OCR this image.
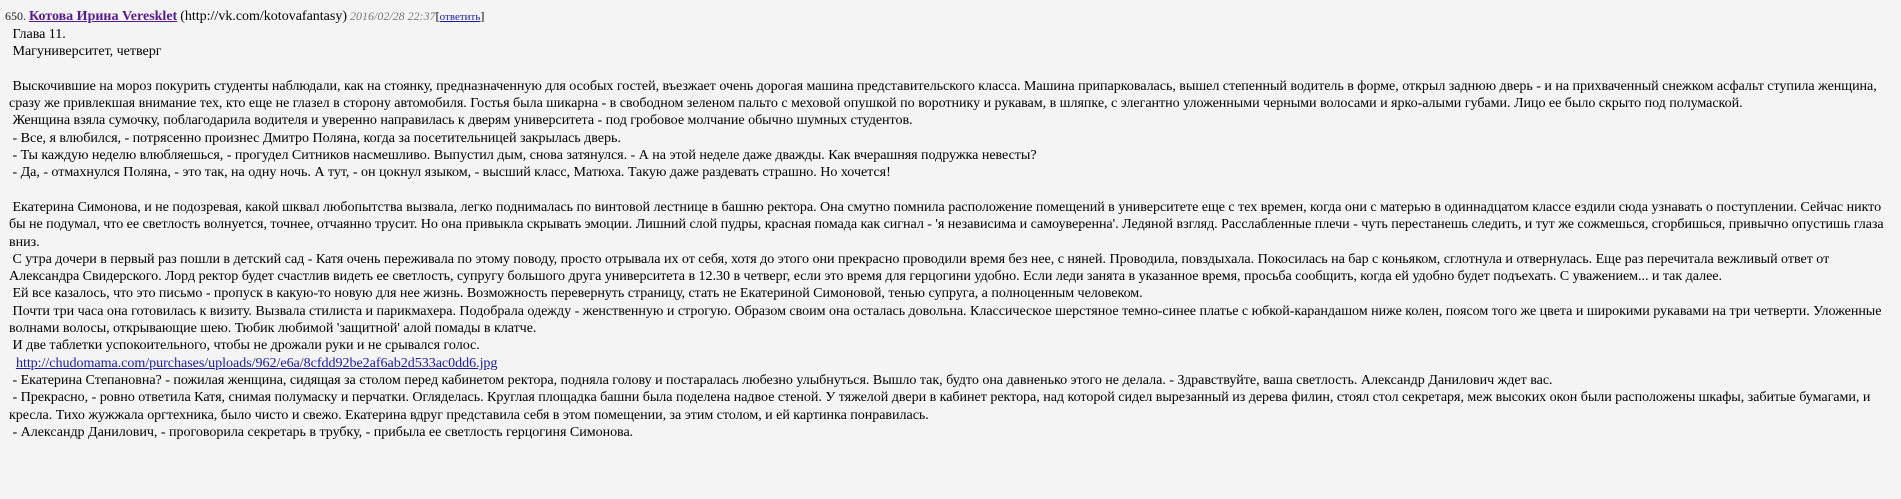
650. Котова Ирина Veresklet (http://vk.com/kotovafantasy) 2016/02/28 22:37[ответить]
Глава 11.
Магуниверситет, четверг
Выскочившие на мороз покурить студенты наблюдали, как на стоянку, предназначенную для особых гостей, въезжает очень дорогая машина представительского класса. Машина припарковалась, вышел степенный водитель в форме, открыл заднюю дверь - и на прихваченный снежком асфальт ступила женщина, сразу же привлекшая внимание тех, кто еще не глазел в сторону автомобиля. Гостья была шикарна - в свободном зеленом пальто с меховой опушкой по воротнику и рукавам, в шляпке, с элегантно уложенными черными волосами и ярко-алыми губами. Лицо ее было скрыто под полумаской.
Женщина взяла сумочку, поблагодарила водителя и уверенно направилась к дверям университета - под гробовое молчание обычно шумных студентов.
- Все, я влюбился, - потрясенно произнес Дмитро Поляна, когда за посетительницей закрылась дверь.
- Ты каждую неделю влюбляешься, - прогудел Ситников насмешливо. Выпустил дым, снова затянулся. - А на этой неделе даже дважды. Как вчерашняя подружка невесты?
- Да, - отмахнулся Поляна, - это так, на одну ночь. А тут, - он цокнул языком, - высший класс, Матюха. Такую даже раздевать страшно. Но хочется!
Екатерина Симонова, и не подозревая, какой шквал любопытства вызвала, легко поднималась по винтовой лестнице в башню ректора. Она смутно помнила расположение помещений в университете еще с тех времен, когда они с матерью в одиннадцатом классе ездили сюда узнавать о поступлении. Сейчас никто бы не подумал, что ее светлость волнуется, точнее, отчаянно трусит. Но она привыкла скрывать эмоции. Лишний слой пудры, красная помада как сигнал - 'я независима и самоуверенна'. Ледяной взгляд. Расслабленные плечи - чуть перестанешь следить, и тут же сожмешься, сгорбишься, привычно опустишь глаза вниз.
С утра дочери в первый раз пошли в детский сад - Катя очень переживала по этому поводу, просто отрывала их от себя, хотя до этого они прекрасно проводили время без нее, с няней. Проводила, повздыхала. Покосилась на бар с коньяком, сглотнула и отвернулась. Еще раз перечитала вежливый ответ от Александра Свидерского. Лорд ректор будет счастлив видеть ее светлость, супругу большого друга университета в 12.30 в четверг, если это время для герцогини удобно. Если леди занята в указанное время, просьба сообщить, когда ей удобно будет подъехать. С уважением... и так далее.
Ей все казалось, что это письмо - пропуск в какую-то новую для нее жизнь. Возможность перевернуть страницу, стать не Екатериной Симоновой, тенью супруга, а полноценным человеком.
Почти три часа она готовилась к визиту. Вызвала стилиста и парикмахера. Подобрала одежду - женственную и строгую. Образом своим она осталась довольна. Классическое шерстяное темно-синее платье с юбкой-карандашом ниже колен, поясом того же цвета и широкими рукавами на три четверти. Уложенные волнами волосы, открывающие шею. Тюбик любимой 'защитной' алой помады в клатче.
И две таблетки успокоительного, чтобы не дрожали руки и не срывался голос.
http://chudomama.com/purchases/uploads/962/e6a/8cfdd92be2af6ab2d533ac0dd6.jpg
- Екатерина Степановна? - пожилая женщина, сидящая за столом перед кабинетом ректора, подняла голову и постаралась любезно улыбнуться. Вышло так, будто она давненько этого не делала. - Здравствуйте, ваша светлость. Александр Данилович ждет вас.
- Прекрасно, - ровно ответила Катя, снимая полумаску и перчатки. Огляделась. Круглая площадка башни была поделена надвое стеной. У тяжелой двери в кабинет ректора, над которой сидел вырезанный из дерева филин, стоял стол секретаря, меж высоких окон были расположены шкафы, забитые бумагами, и кресла. Тихо жужжала оргтехника, было чисто и свежо. Екатерина вдруг представила себя в этом помещении, за этим столом, и ей картинка понравилась.
- Александр Данилович, - проговорила секретарь в трубку, - прибыла ее светлость герцогиня Симонова.
